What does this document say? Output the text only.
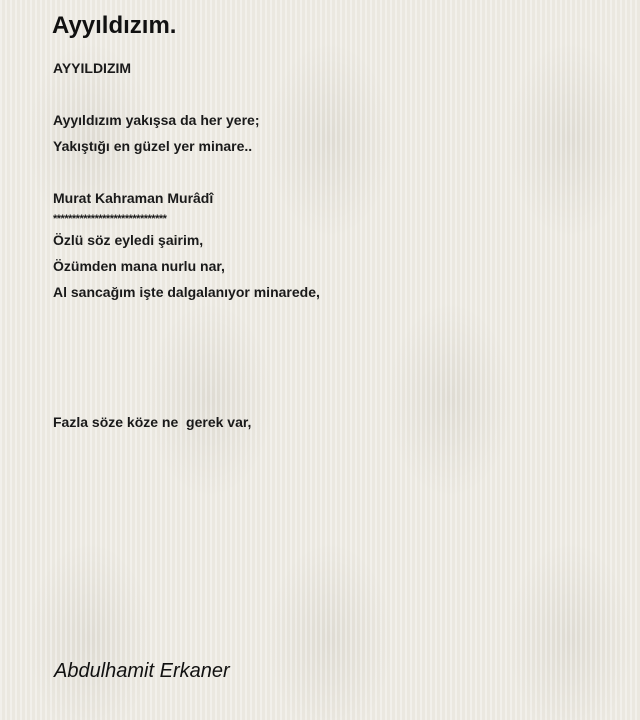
Ayyıldızım.
AYYILDIZIM
Ayyıldızım yakışsa da her yere;
Yakıştığı en güzel yer minare..
Murat Kahraman Murâdî
******************************
Özlü söz eyledi şairim,
Özümden mana nurlu nar,
Al sancağım işte dalgalanıyor minarede,
Fazla söze köze ne  gerek var,
Abdulhamit Erkaner
